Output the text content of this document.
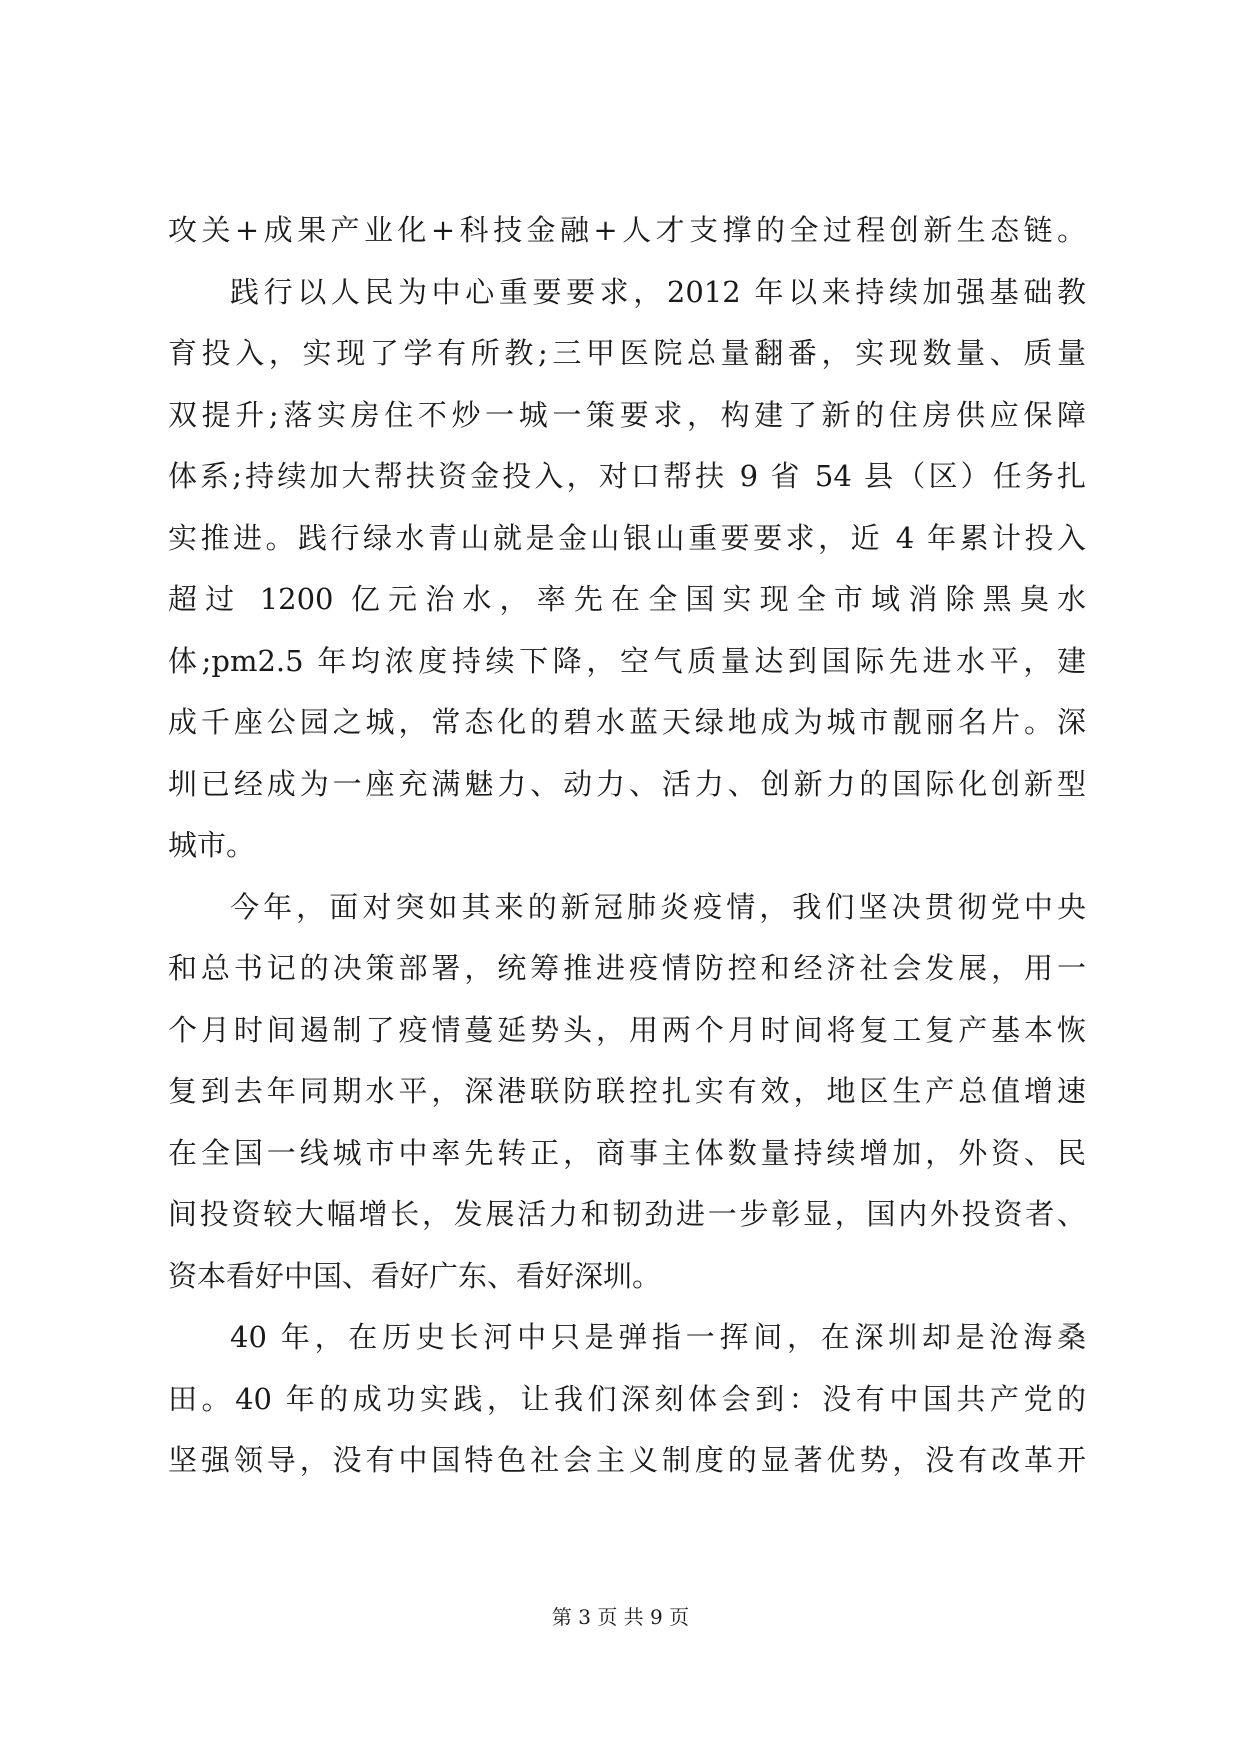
攻关+成果产业化+科技金融+人才支撑的全过程创新生态链。
践行以人民为中心重要要求，2012 年以来持续加强基础教
育投入，实现了学有所教;三甲医院总量翻番，实现数量、质量
双提升;落实房住不炒一城一策要求，构建了新的住房供应保障
体系;持续加大帮扶资金投入，对口帮扶 9 省 54 县（区）任务扎
实推进。践行绿水青山就是金山银山重要要求，近 4 年累计投入
超过 1200 亿元治水，率先在全国实现全市域消除黑臭水
体;pm2.5 年均浓度持续下降，空气质量达到国际先进水平，建
成千座公园之城，常态化的碧水蓝天绿地成为城市靓丽名片。深
圳已经成为一座充满魅力、动力、活力、创新力的国际化创新型
城市。
今年，面对突如其来的新冠肺炎疫情，我们坚决贯彻党中央
和总书记的决策部署，统筹推进疫情防控和经济社会发展，用一
个月时间遏制了疫情蔓延势头，用两个月时间将复工复产基本恢
复到去年同期水平，深港联防联控扎实有效，地区生产总值增速
在全国一线城市中率先转正，商事主体数量持续增加，外资、民
间投资较大幅增长，发展活力和韧劲进一步彰显，国内外投资者、
资本看好中国、看好广东、看好深圳。
40 年，在历史长河中只是弹指一挥间，在深圳却是沧海桑
田。40 年的成功实践，让我们深刻体会到：没有中国共产党的
坚强领导，没有中国特色社会主义制度的显著优势，没有改革开
第 3 页 共 9 页
